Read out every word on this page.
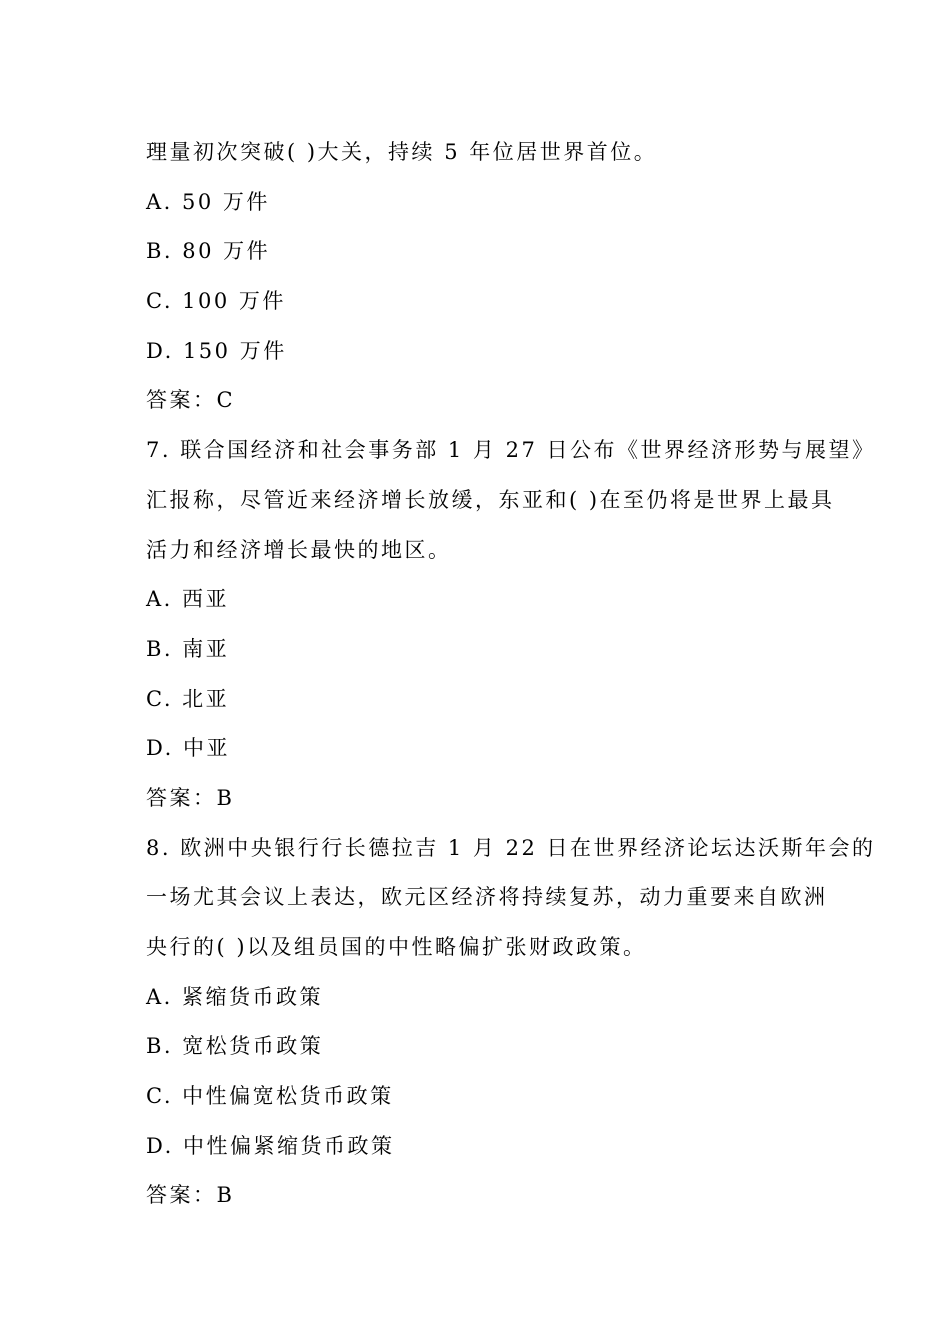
理量初次突破( )大关，持续 5 年位居世界首位。
A. 50 万件
B. 80 万件
C. 100 万件
D. 150 万件
答案：C
7. 联合国经济和社会事务部 1 月 27 日公布《世界经济形势与展望》
汇报称，尽管近来经济增长放缓，东亚和( )在至仍将是世界上最具
活力和经济增长最快的地区。
A. 西亚
B. 南亚
C. 北亚
D. 中亚
答案：B
8. 欧洲中央银行行长德拉吉 1 月 22 日在世界经济论坛达沃斯年会的
一场尤其会议上表达，欧元区经济将持续复苏，动力重要来自欧洲
央行的( )以及组员国的中性略偏扩张财政政策。
A. 紧缩货币政策
B. 宽松货币政策
C. 中性偏宽松货币政策
D. 中性偏紧缩货币政策
答案：B
